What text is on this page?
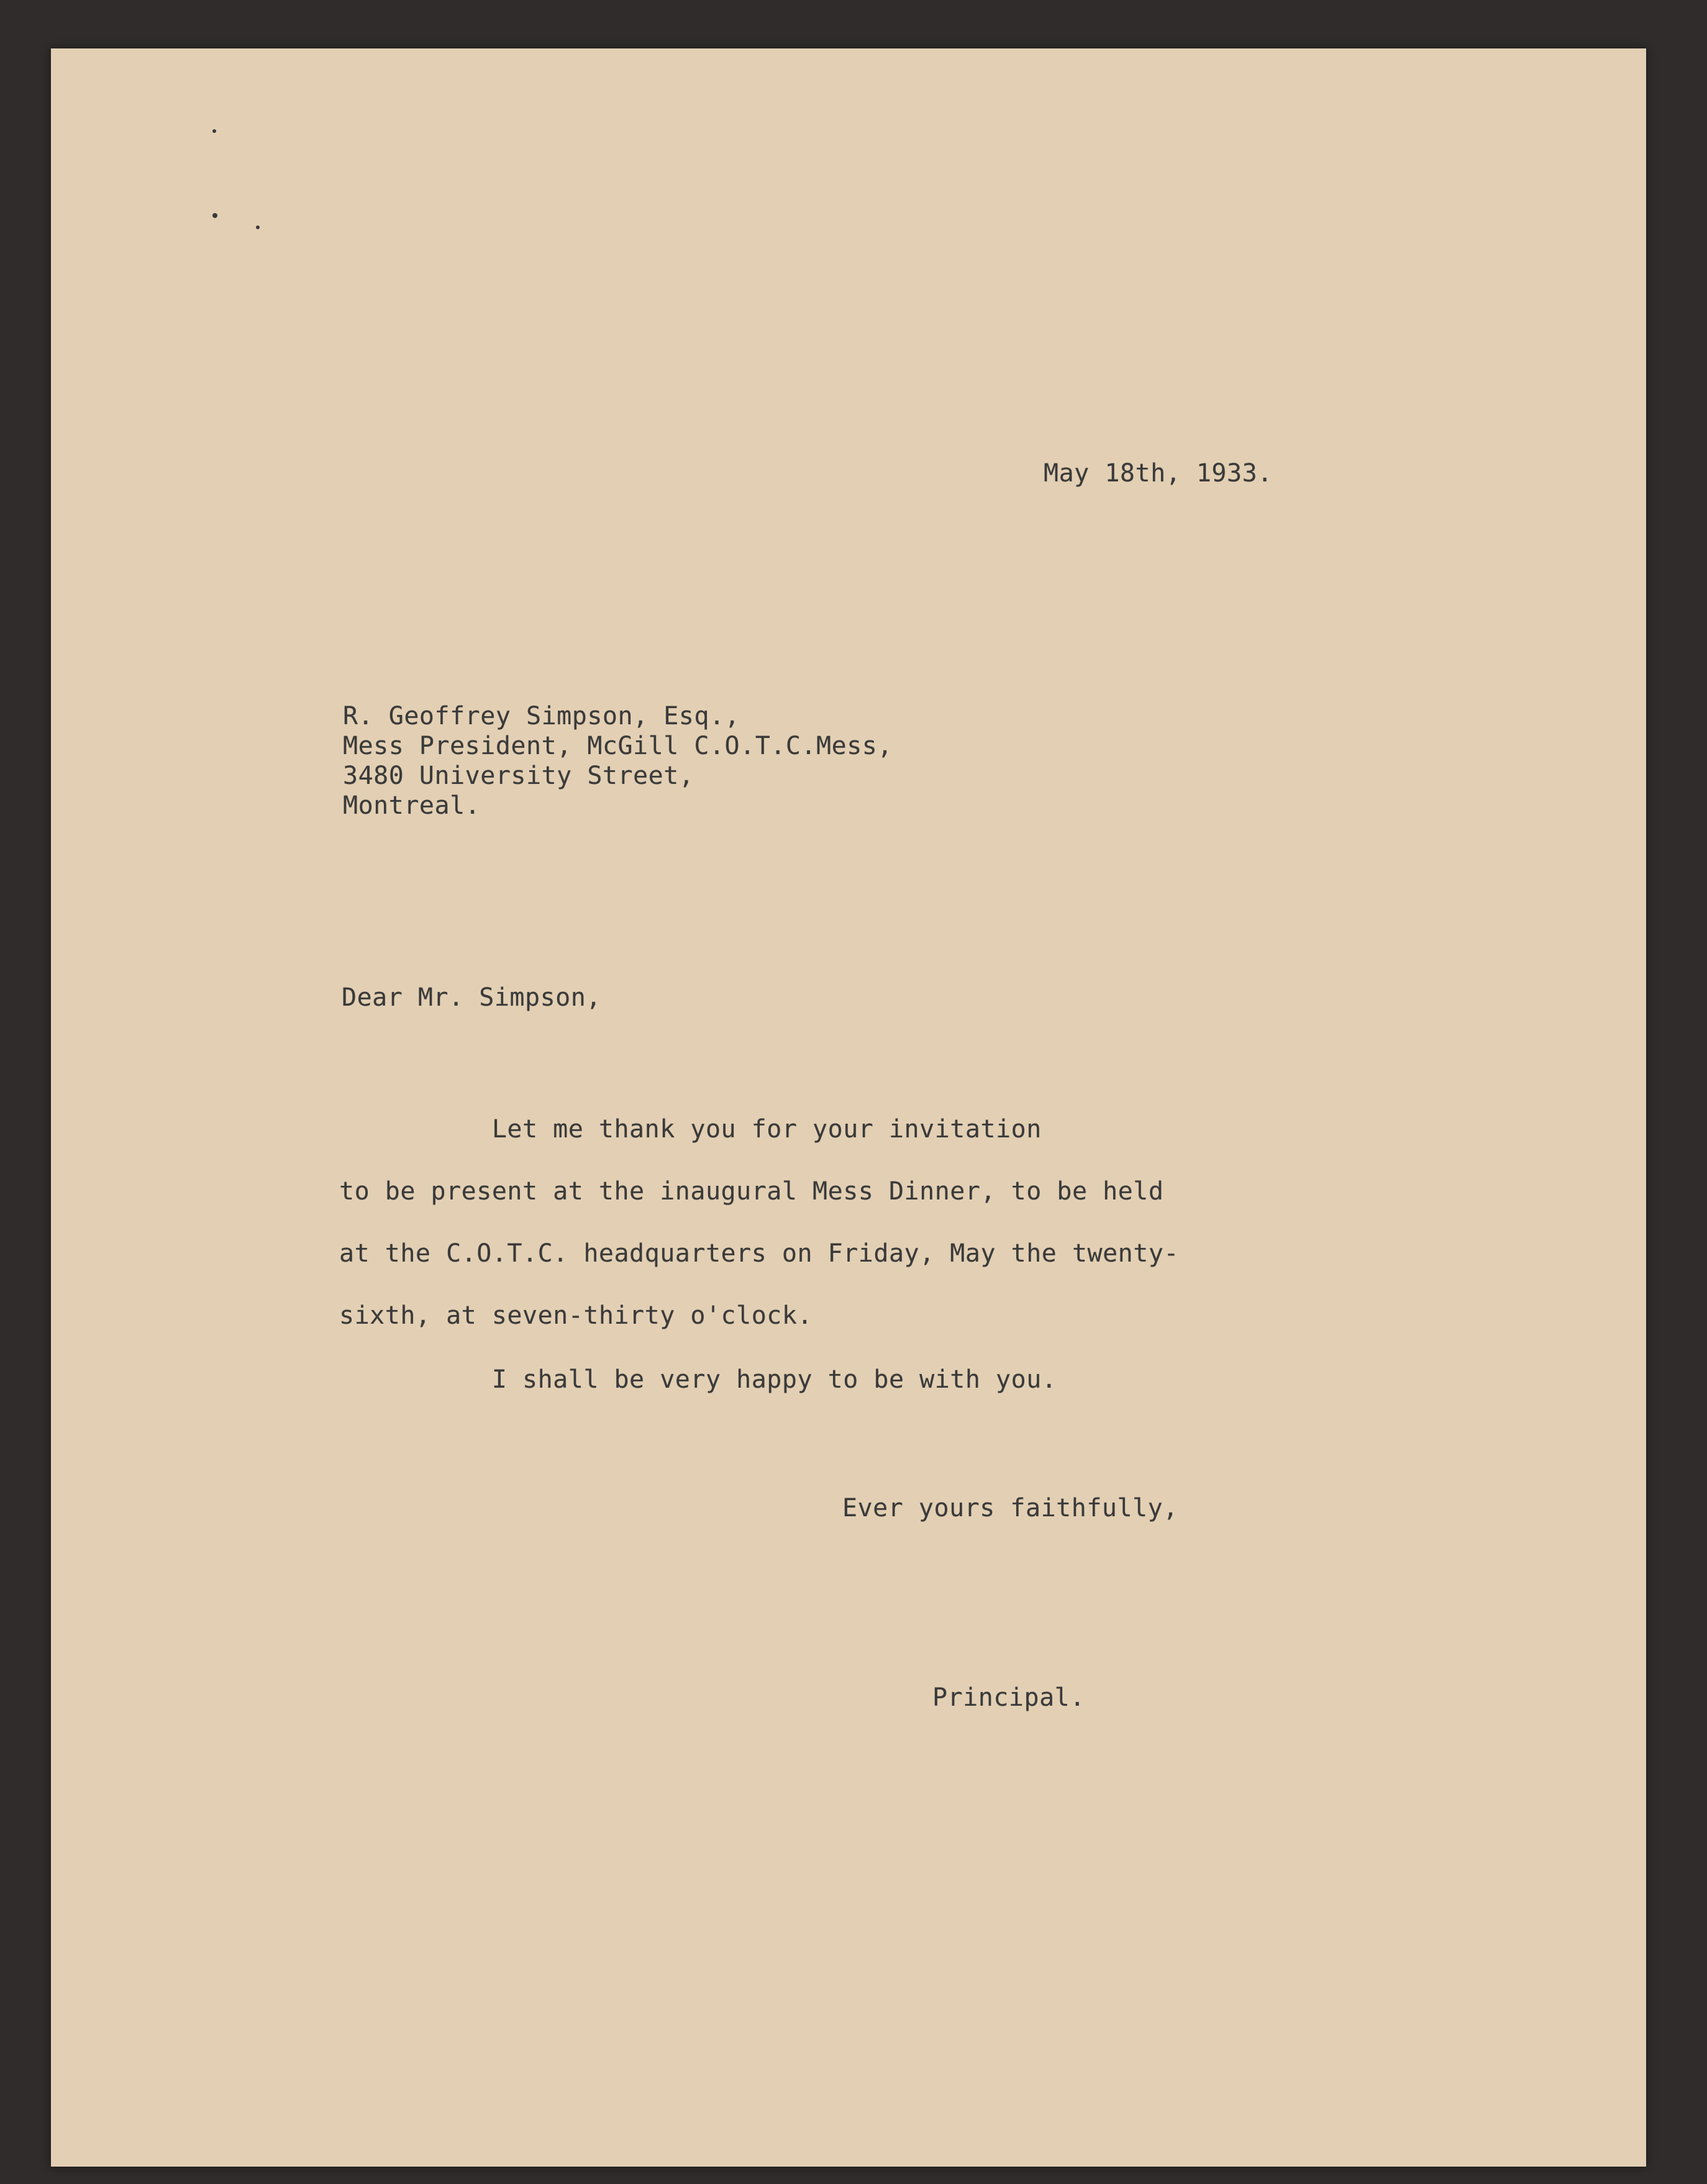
May 18th, 1933.

R. Geoffrey Simpson, Esq.,

Mess President, McGill C.O.T.C.Mess,

3480 University Street,

Montreal.

Dear Mr. Simpson,

Let me thank you for your invitation

to be present at the inaugural Mess Dinner, to be held

at the C.O.T.C. headquarters on Friday, May the twenty-

sixth, at seven-thirty o'clock.

I shall be very happy to be with you.

Ever yours faithfully,
Principal.
